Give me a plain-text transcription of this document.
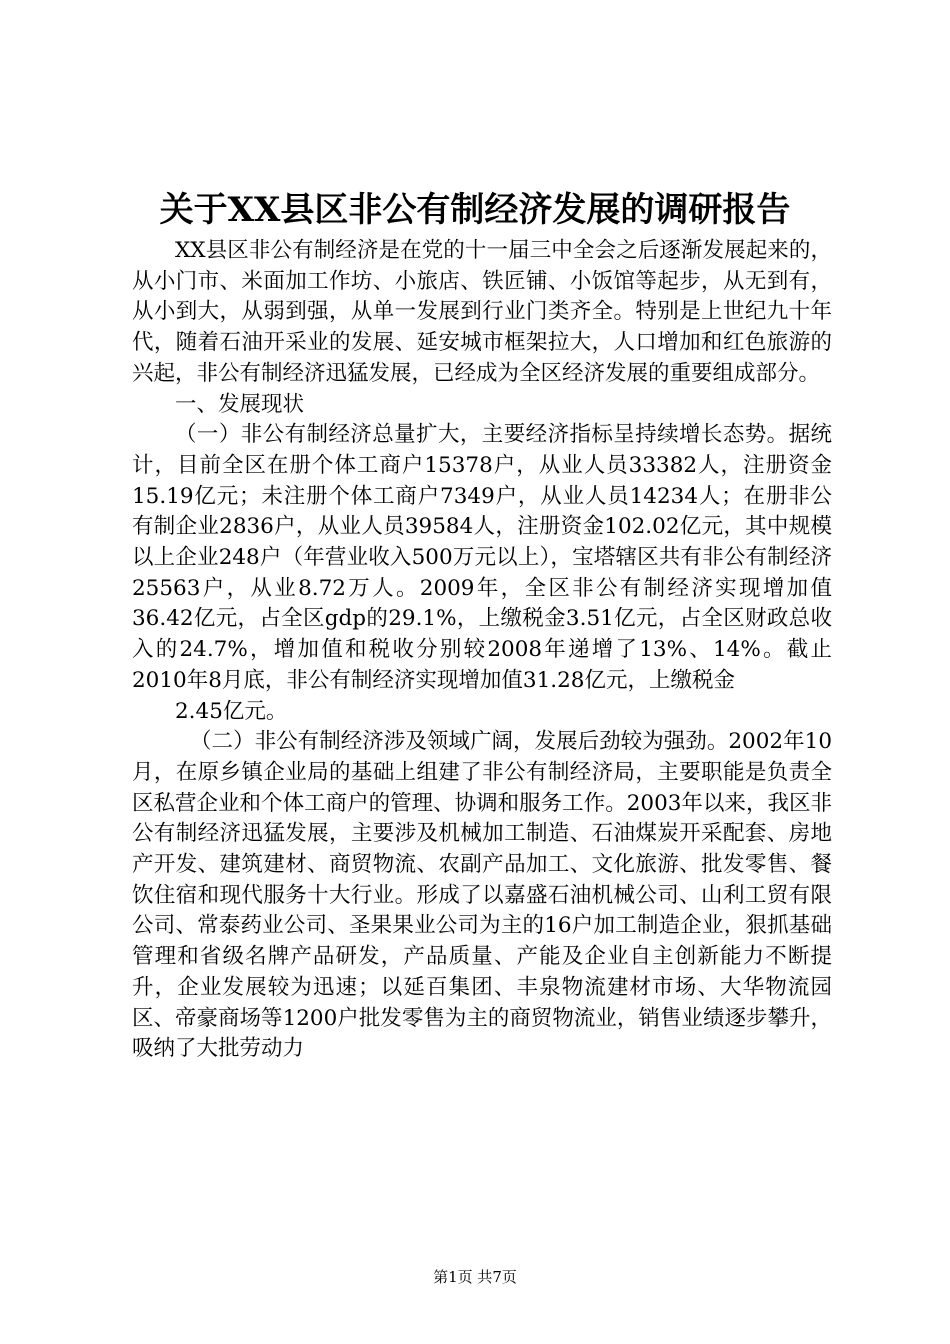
关于XX县区非公有制经济发展的调研报告

XX县区非公有制经济是在党的十一届三中全会之后逐渐发展起来的，从小门市、米面加工作坊、小旅店、铁匠铺、小饭馆等起步，从无到有，从小到大，从弱到强，从单一发展到行业门类齐全。特别是上世纪九十年代，随着石油开采业的发展、延安城市框架拉大，人口增加和红色旅游的兴起，非公有制经济迅猛发展，已经成为全区经济发展的重要组成部分。

一、发展现状

（一）非公有制经济总量扩大，主要经济指标呈持续增长态势。据统计，目前全区在册个体工商户15378户，从业人员33382人，注册资金15.19亿元；未注册个体工商户7349户，从业人员14234人；在册非公有制企业2836户，从业人员39584人，注册资金102.02亿元，其中规模以上企业248户（年营业收入500万元以上），宝塔辖区共有非公有制经济25563户，从业8.72万人。2009年，全区非公有制经济实现增加值36.42亿元，占全区gdp的29.1%，上缴税金3.51亿元，占全区财政总收入的24.7%，增加值和税收分别较2008年递增了13%、14%。截止2010年8月底，非公有制经济实现增加值31.28亿元，上缴税金

2.45亿元。

（二）非公有制经济涉及领域广阔，发展后劲较为强劲。2002年10月，在原乡镇企业局的基础上组建了非公有制经济局，主要职能是负责全区私营企业和个体工商户的管理、协调和服务工作。2003年以来，我区非公有制经济迅猛发展，主要涉及机械加工制造、石油煤炭开采配套、房地产开发、建筑建材、商贸物流、农副产品加工、文化旅游、批发零售、餐饮住宿和现代服务十大行业。形成了以嘉盛石油机械公司、山利工贸有限公司、常泰药业公司、圣果果业公司为主的16户加工制造企业，狠抓基础管理和省级名牌产品研发，产品质量、产能及企业自主创新能力不断提升，企业发展较为迅速；以延百集团、丰泉物流建材市场、大华物流园区、帝豪商场等1200户批发零售为主的商贸物流业，销售业绩逐步攀升，吸纳了大批劳动力

第1页 共7页
